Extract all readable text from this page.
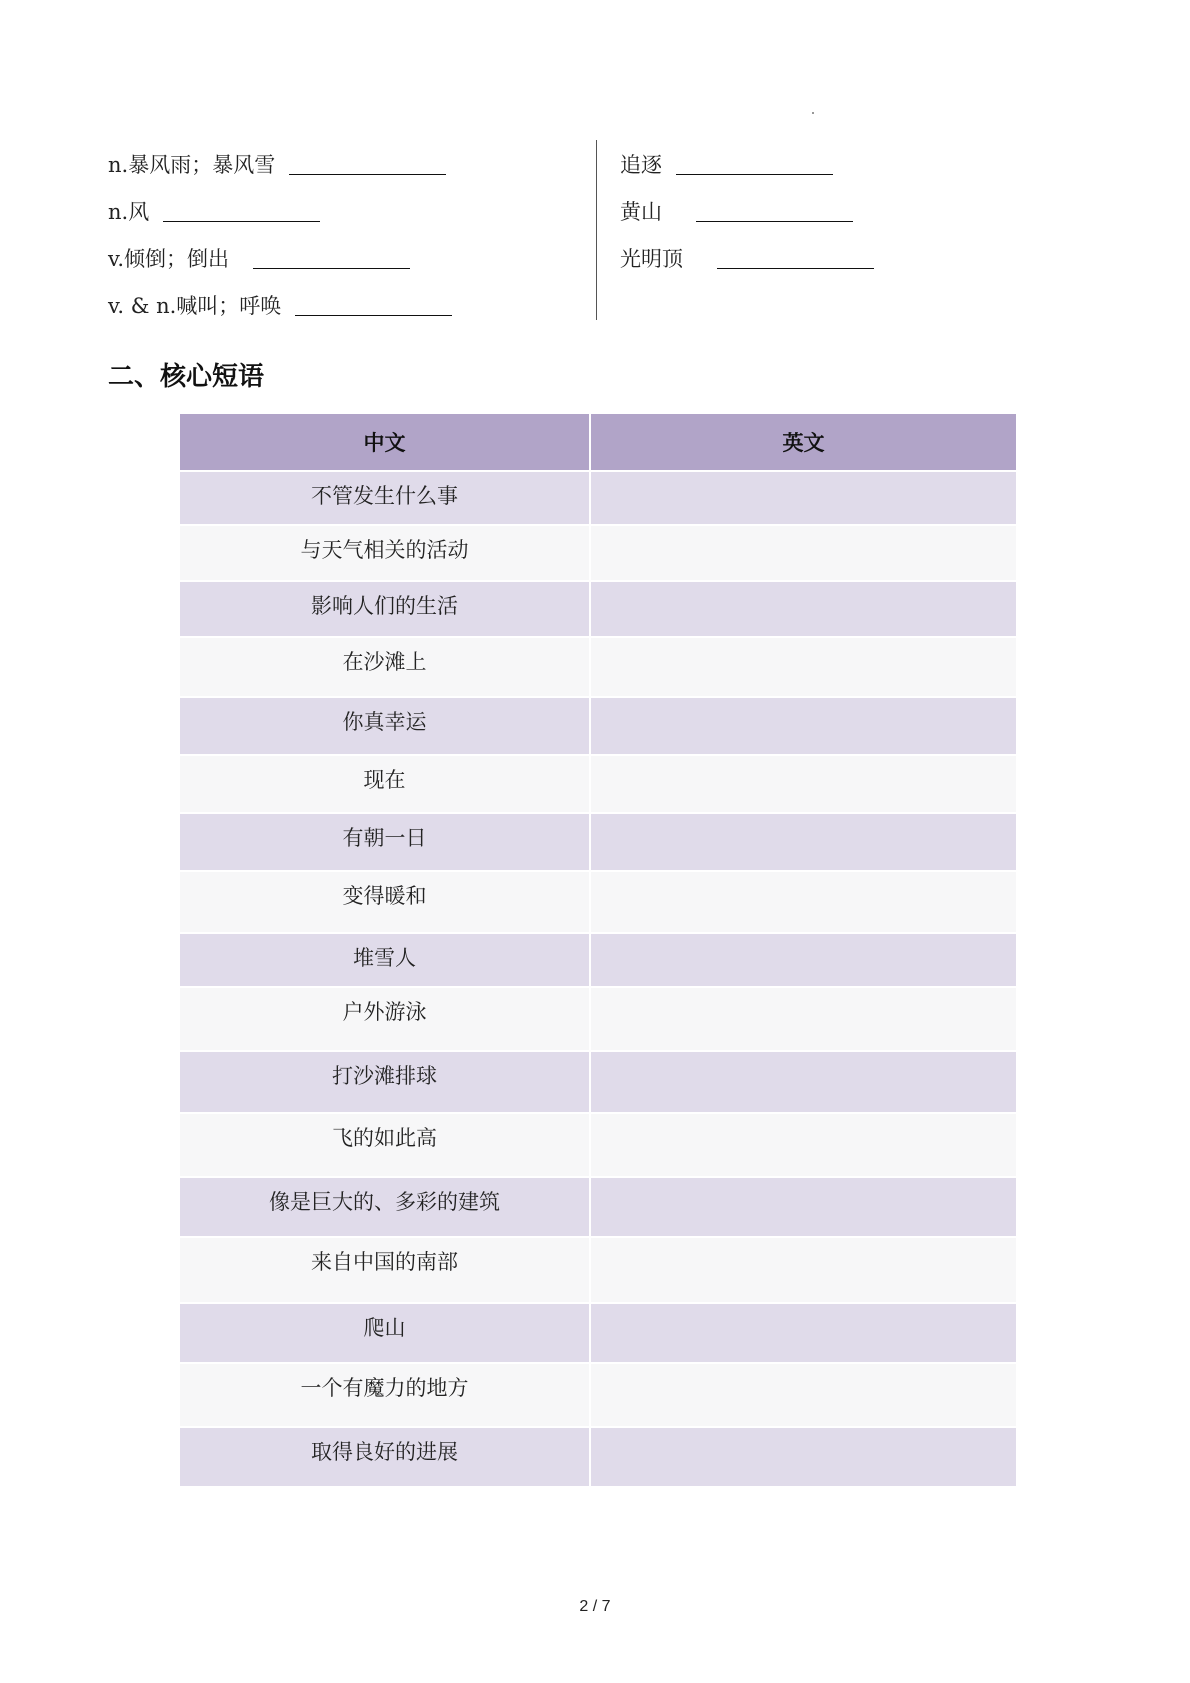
n.暴风雨；暴风雪
n.风
v.倾倒；倒出
v. & n.喊叫；呼唤
追逐
黄山
光明顶
二、核心短语
中文	英文
不管发生什么事	
与天气相关的活动	
影响人们的生活	
在沙滩上	
你真幸运	
现在	
有朝一日	
变得暖和	
堆雪人	
户外游泳	
打沙滩排球	
飞的如此高	
像是巨大的、多彩的建筑	
来自中国的南部	
爬山	
一个有魔力的地方	
取得良好的进展	
2 / 7
